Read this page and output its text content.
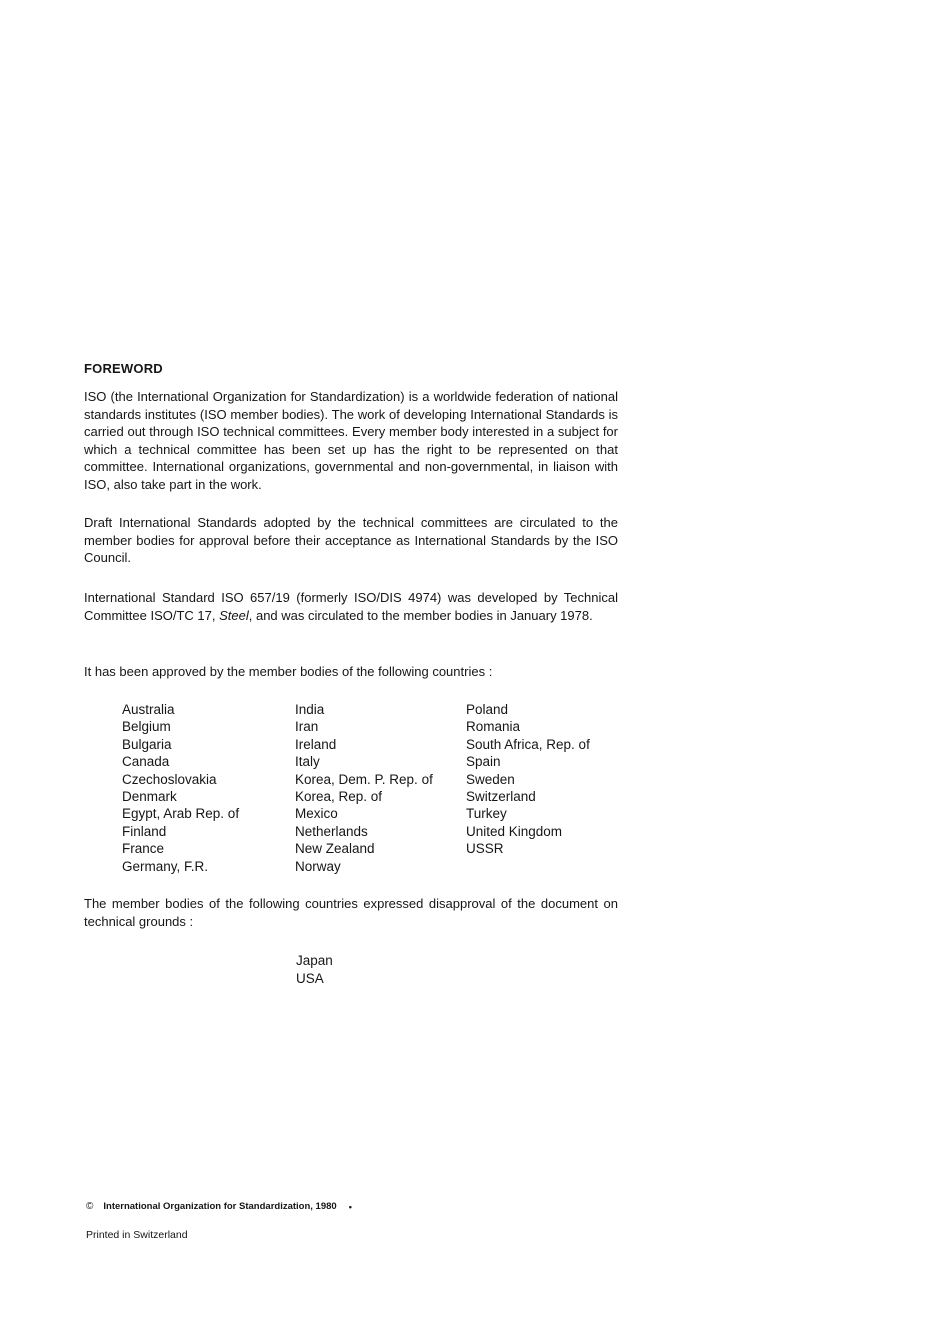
FOREWORD

ISO (the International Organization for Standardization) is a worldwide federation of national standards institutes (ISO member bodies). The work of developing International Standards is carried out through ISO technical committees. Every member body interested in a subject for which a technical committee has been set up has the right to be represented on that committee. International organizations, governmental and non-governmental, in liaison with ISO, also take part in the work.

Draft International Standards adopted by the technical committees are circulated to the member bodies for approval before their acceptance as International Standards by the ISO Council.

International Standard ISO 657/19 (formerly ISO/DIS 4974) was developed by Technical Committee ISO/TC 17, Steel, and was circulated to the member bodies in January 1978.

It has been approved by the member bodies of the following countries :

Australia
Belgium
Bulgaria
Canada
Czechoslovakia
Denmark
Egypt, Arab Rep. of
Finland
France
Germany, F.R.
India
Iran
Ireland
Italy
Korea, Dem. P. Rep. of
Korea, Rep. of
Mexico
Netherlands
New Zealand
Norway
Poland
Romania
South Africa, Rep. of
Spain
Sweden
Switzerland
Turkey
United Kingdom
USSR

The member bodies of the following countries expressed disapproval of the document on technical grounds :

Japan
USA
© International Organization for Standardization, 1980 •
Printed in Switzerland
